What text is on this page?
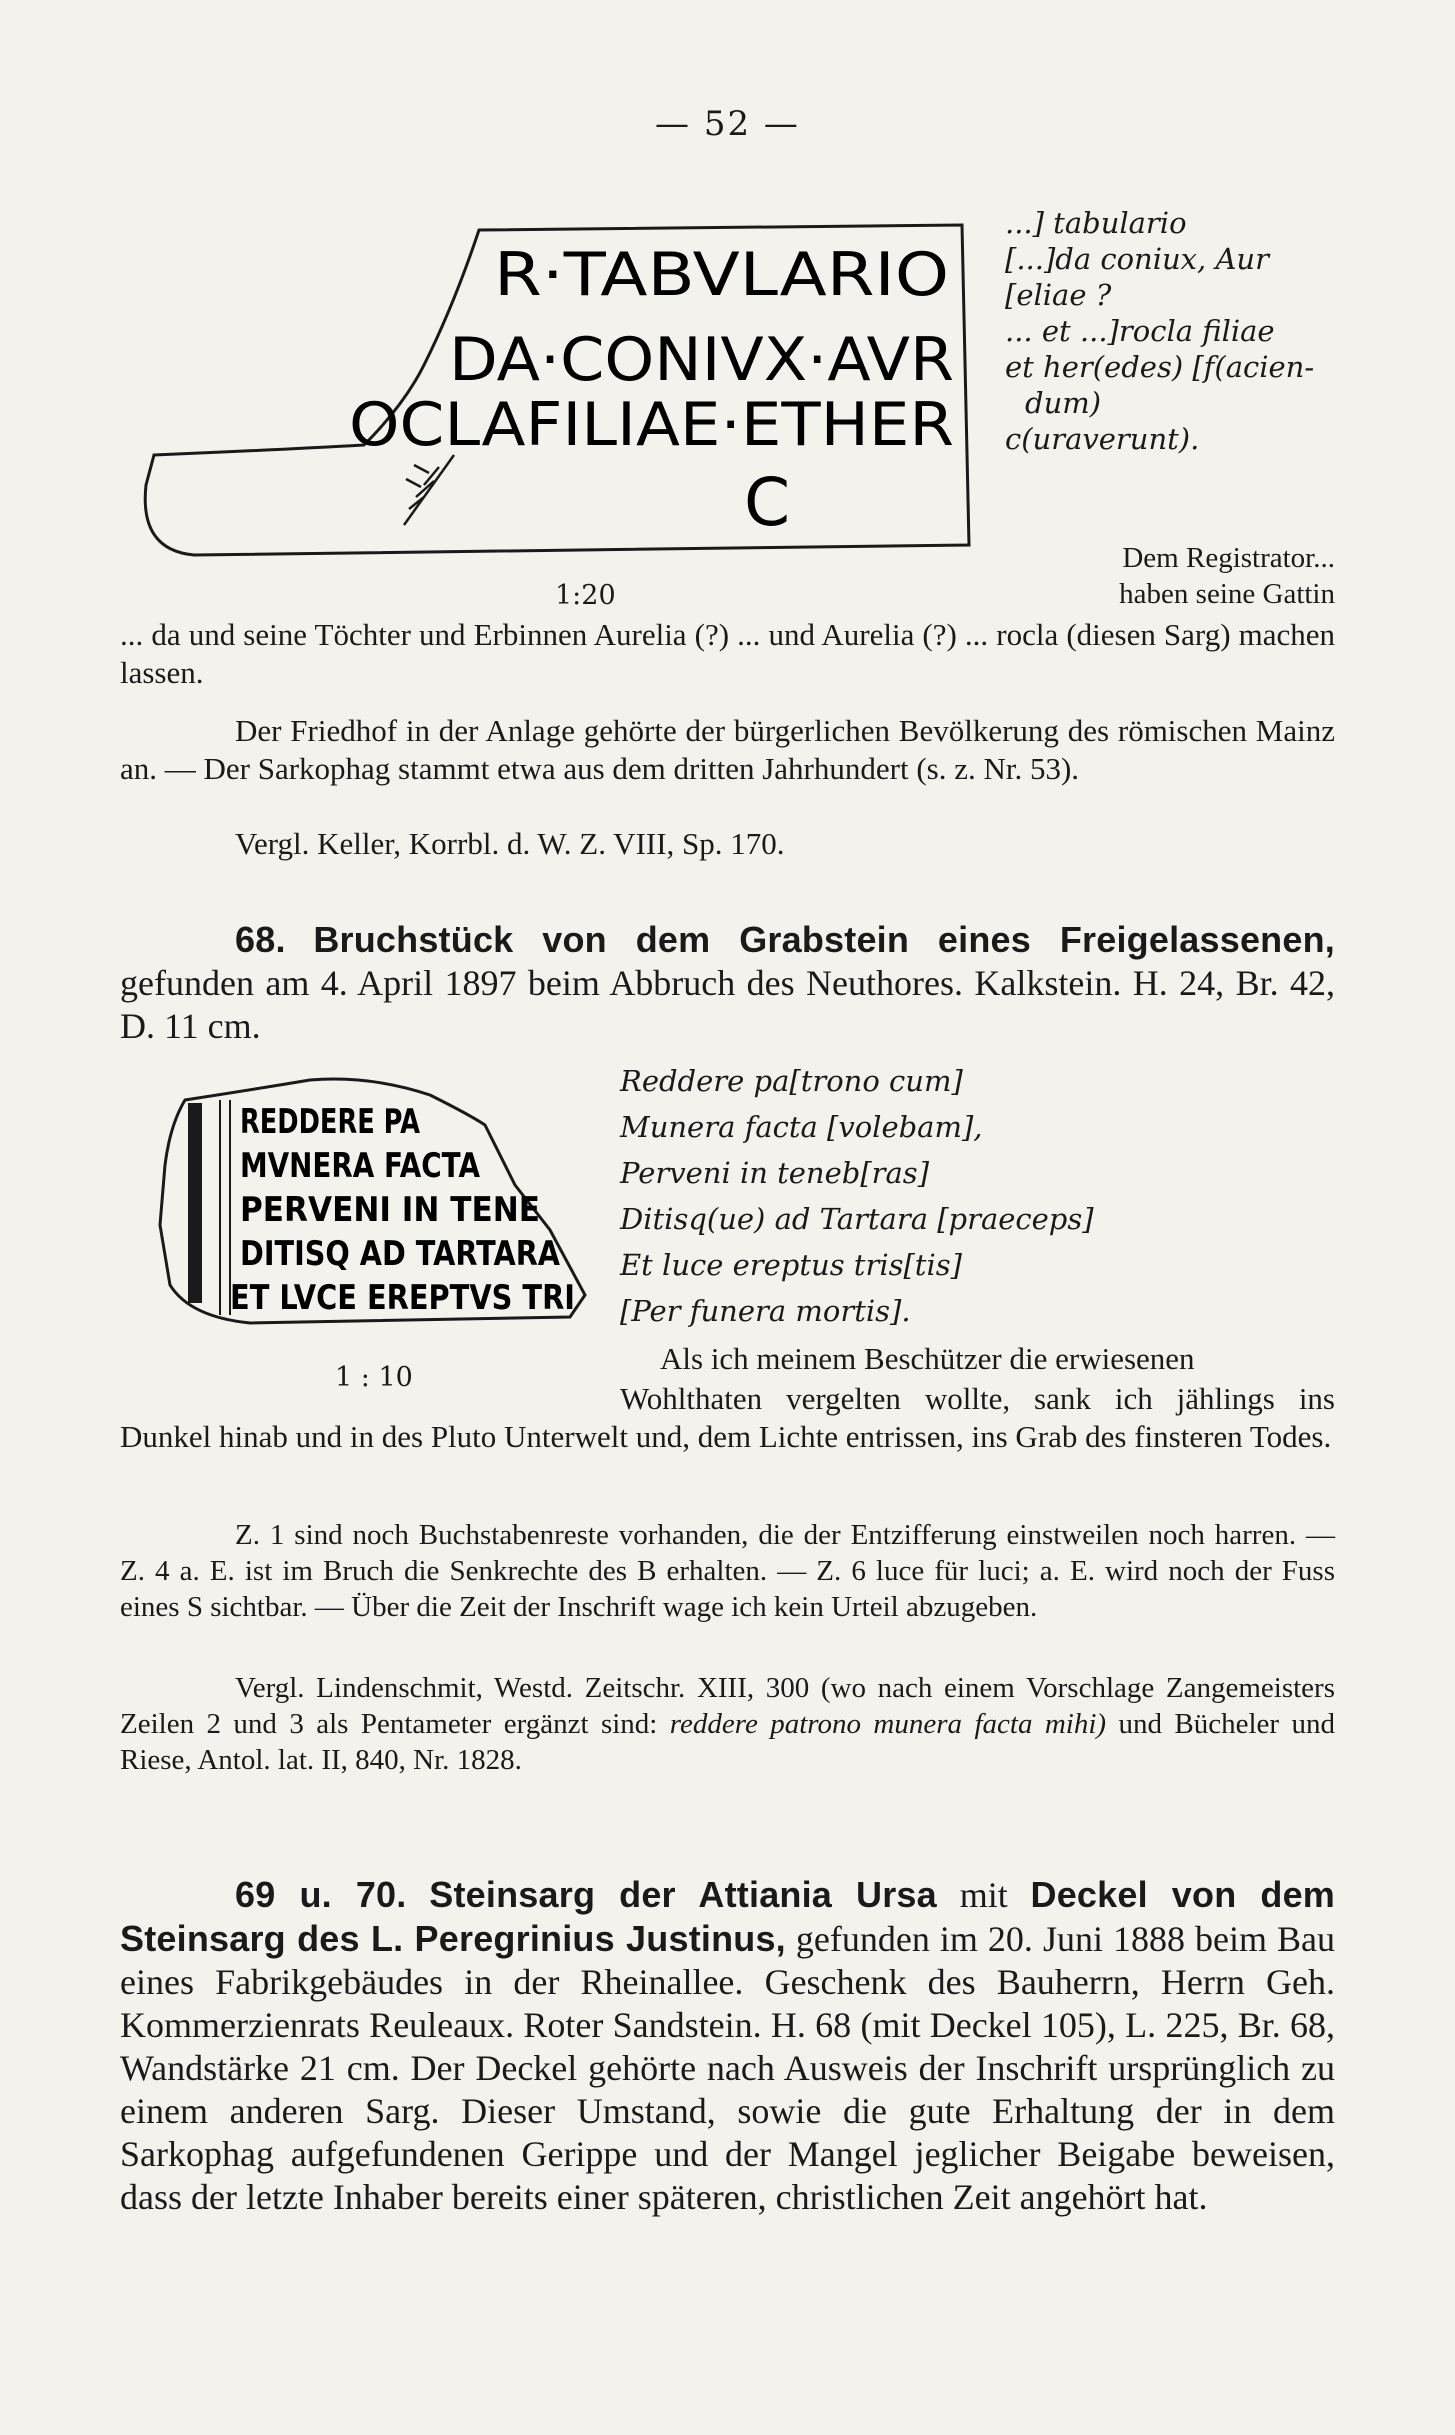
— 52 —
R·TABVLARIO
DA·CONIVX·AVR
OCLAFILIAE·ETHER
C
1:20
...] tabulario
[...]da coniux, Aur
[eliae ?
... et ...]rocla filiae
et her(edes) [f(acien-
dum)
c(uraverunt).
Dem Registrator...
haben seine Gattin

... da und seine Töchter und Erbinnen Aurelia (?) ... und Aurelia (?) ... rocla (diesen Sarg) machen lassen.

Der Friedhof in der Anlage gehörte der bürgerlichen Bevölkerung des römischen Mainz an. — Der Sarkophag stammt etwa aus dem dritten Jahrhundert (s. z. Nr. 53).

Vergl. Keller, Korrbl. d. W. Z. VIII, Sp. 170.

68. Bruchstück von dem Grabstein eines Freigelassenen, gefunden am 4. April 1897 beim Abbruch des Neuthores. Kalkstein. H. 24, Br. 42, D. 11 cm.

REDDERE PA
MVNERA FACTA
PERVENI IN TENE
DITISQ AD TARTARA
ET LVCE EREPTVS TRI
1 : 10
Reddere pa[trono cum]
Munera facta [volebam],
Perveni in teneb[ras]
Ditisq(ue) ad Tartara [praeceps]
Et luce ereptus tris[tis]
[Per funera mortis].

Als ich meinem Beschützer die erwiesenen

Wohlthaten vergelten wollte, sank ich jählings ins Dunkel hinab und in des Pluto Unterwelt und, dem Lichte entrissen, ins Grab des finsteren Todes.

Z. 1 sind noch Buchstabenreste vorhanden, die der Entzifferung einstweilen noch harren. — Z. 4 a. E. ist im Bruch die Senkrechte des B erhalten. — Z. 6 luce für luci; a. E. wird noch der Fuss eines S sichtbar. — Über die Zeit der Inschrift wage ich kein Urteil abzugeben.

Vergl. Lindenschmit, Westd. Zeitschr. XIII, 300 (wo nach einem Vorschlage Zangemeisters Zeilen 2 und 3 als Pentameter ergänzt sind: reddere patrono munera facta mihi) und Bücheler und Riese, Antol. lat. II, 840, Nr. 1828.

69 u. 70. Steinsarg der Attiania Ursa mit Deckel von dem Steinsarg des L. Peregrinius Justinus, gefunden im 20. Juni 1888 beim Bau eines Fabrikgebäudes in der Rheinallee. Geschenk des Bauherrn, Herrn Geh. Kommerzienrats Reuleaux. Roter Sandstein. H. 68 (mit Deckel 105), L. 225, Br. 68, Wandstärke 21 cm. Der Deckel gehörte nach Ausweis der Inschrift ursprünglich zu einem anderen Sarg. Dieser Umstand, sowie die gute Erhaltung der in dem Sarkophag aufgefundenen Gerippe und der Mangel jeglicher Beigabe beweisen, dass der letzte Inhaber bereits einer späteren, christlichen Zeit angehört hat.
